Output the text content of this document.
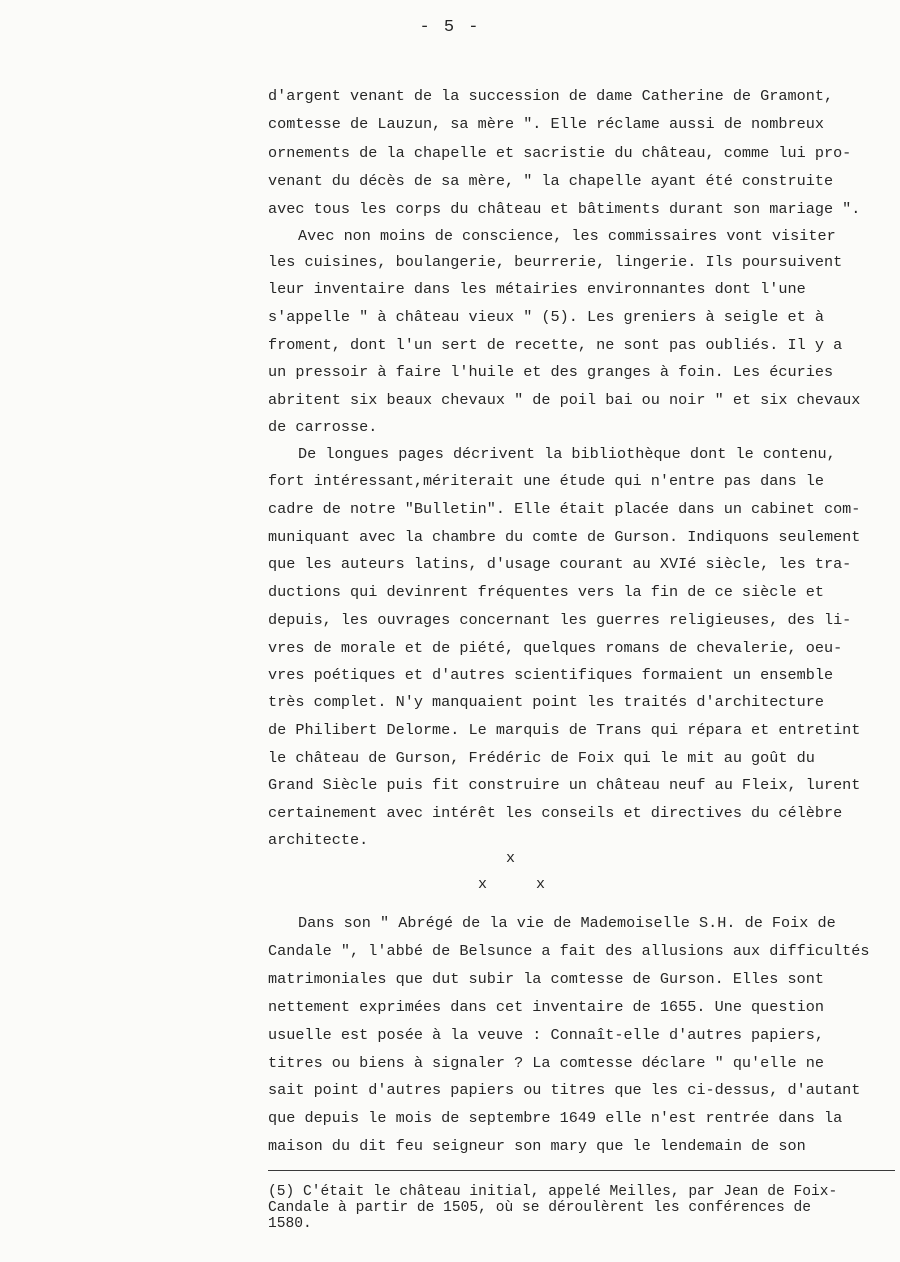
- 5 -
d'argent venant de la succession de dame Catherine de Gramont,
comtesse de Lauzun, sa mère ". Elle réclame aussi de nombreux
ornements de la chapelle et sacristie du château, comme lui pro-
venant du décès de sa mère, " la chapelle ayant été construite
avec tous les corps du château et bâtiments durant son mariage ".
Avec non moins de conscience, les commissaires vont visiter
les cuisines, boulangerie, beurrerie, lingerie. Ils poursuivent
leur inventaire dans les métairies environnantes dont l'une
s'appelle " à château vieux " (5). Les greniers à seigle et à
froment, dont l'un sert de recette, ne sont pas oubliés. Il y a
un pressoir à faire l'huile et des granges à foin. Les écuries
abritent six beaux chevaux " de poil bai ou noir " et six chevaux
de carrosse.
De longues pages décrivent la bibliothèque dont le contenu,
fort intéressant,mériterait une étude qui n'entre pas dans le
cadre de notre "Bulletin". Elle était placée dans un cabinet com-
muniquant avec la chambre du comte de Gurson. Indiquons seulement
que les auteurs latins, d'usage courant au XVIé siècle, les tra-
ductions qui devinrent fréquentes vers la fin de ce siècle et
depuis, les ouvrages concernant les guerres religieuses, des li-
vres de morale et de piété, quelques romans de chevalerie, oeu-
vres poétiques et d'autres scientifiques formaient un ensemble
très complet. N'y manquaient point les traités d'architecture
de Philibert Delorme. Le marquis de Trans qui répara et entretint
le château de Gurson, Frédéric de Foix qui le mit au goût du
Grand Siècle puis fit construire un château neuf au Fleix, lurent
certainement avec intérêt les conseils et directives du célèbre
architecte.
Dans son " Abrégé de la vie de Mademoiselle S.H. de Foix de
Candale ", l'abbé de Belsunce a fait des allusions aux difficultés
matrimoniales que dut subir la comtesse de Gurson. Elles sont
nettement exprimées dans cet inventaire de 1655. Une question
usuelle est posée à la veuve : Connaît-elle d'autres papiers,
titres ou biens à signaler ? La comtesse déclare " qu'elle ne
sait point d'autres papiers ou titres que les ci-dessus, d'autant
que depuis le mois de septembre 1649 elle n'est rentrée dans la
maison du dit feu seigneur son mary que le lendemain de son
x
x	x
(5) C'était le château initial, appelé Meilles, par Jean de Foix-
Candale à partir de 1505, où se déroulèrent les conférences de
1580.
